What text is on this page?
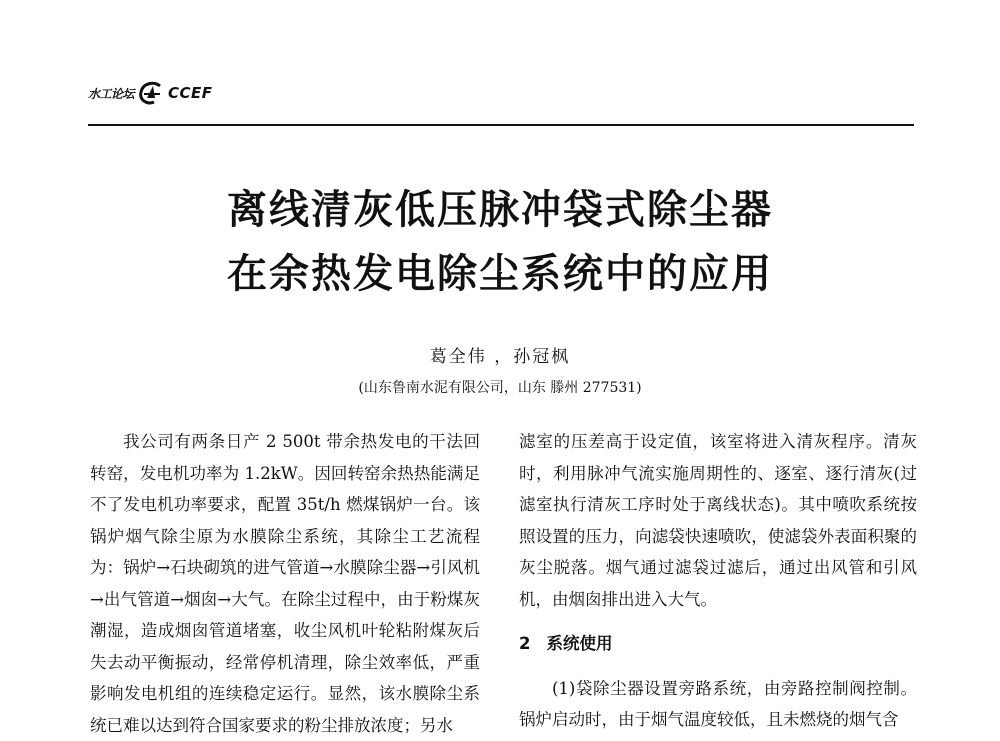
水工论坛 CCEF
离线清灰低压脉冲袋式除尘器
在余热发电除尘系统中的应用
葛全伟 ，孙冠枫
(山东鲁南水泥有限公司，山东 滕州 277531)

我公司有两条日产 2 500t 带余热发电的干法回转窑，发电机功率为 1.2kW。因回转窑余热热能满足不了发电机功率要求，配置 35t/h 燃煤锅炉一台。该锅炉烟气除尘原为水膜除尘系统，其除尘工艺流程为：锅炉→石块砌筑的进气管道→水膜除尘器→引风机→出气管道→烟囱→大气。在除尘过程中，由于粉煤灰潮湿，造成烟囱管道堵塞，收尘风机叶轮粘附煤灰后失去动平衡振动，经常停机清理，除尘效率低，严重影响发电机组的连续稳定运行。显然，该水膜除尘系统已难以达到符合国家要求的粉尘排放浓度；另水

滤室的压差高于设定值，该室将进入清灰程序。清灰时，利用脉冲气流实施周期性的、逐室、逐行清灰(过滤室执行清灰工序时处于离线状态)。其中喷吹系统按照设置的压力，向滤袋快速喷吹，使滤袋外表面积聚的灰尘脱落。烟气通过滤袋过滤后，通过出风管和引风机，由烟囱排出进入大气。

2 系统使用

(1)袋除尘器设置旁路系统，由旁路控制阀控制。锅炉启动时，由于烟气温度较低，且未燃烧的烟气含
